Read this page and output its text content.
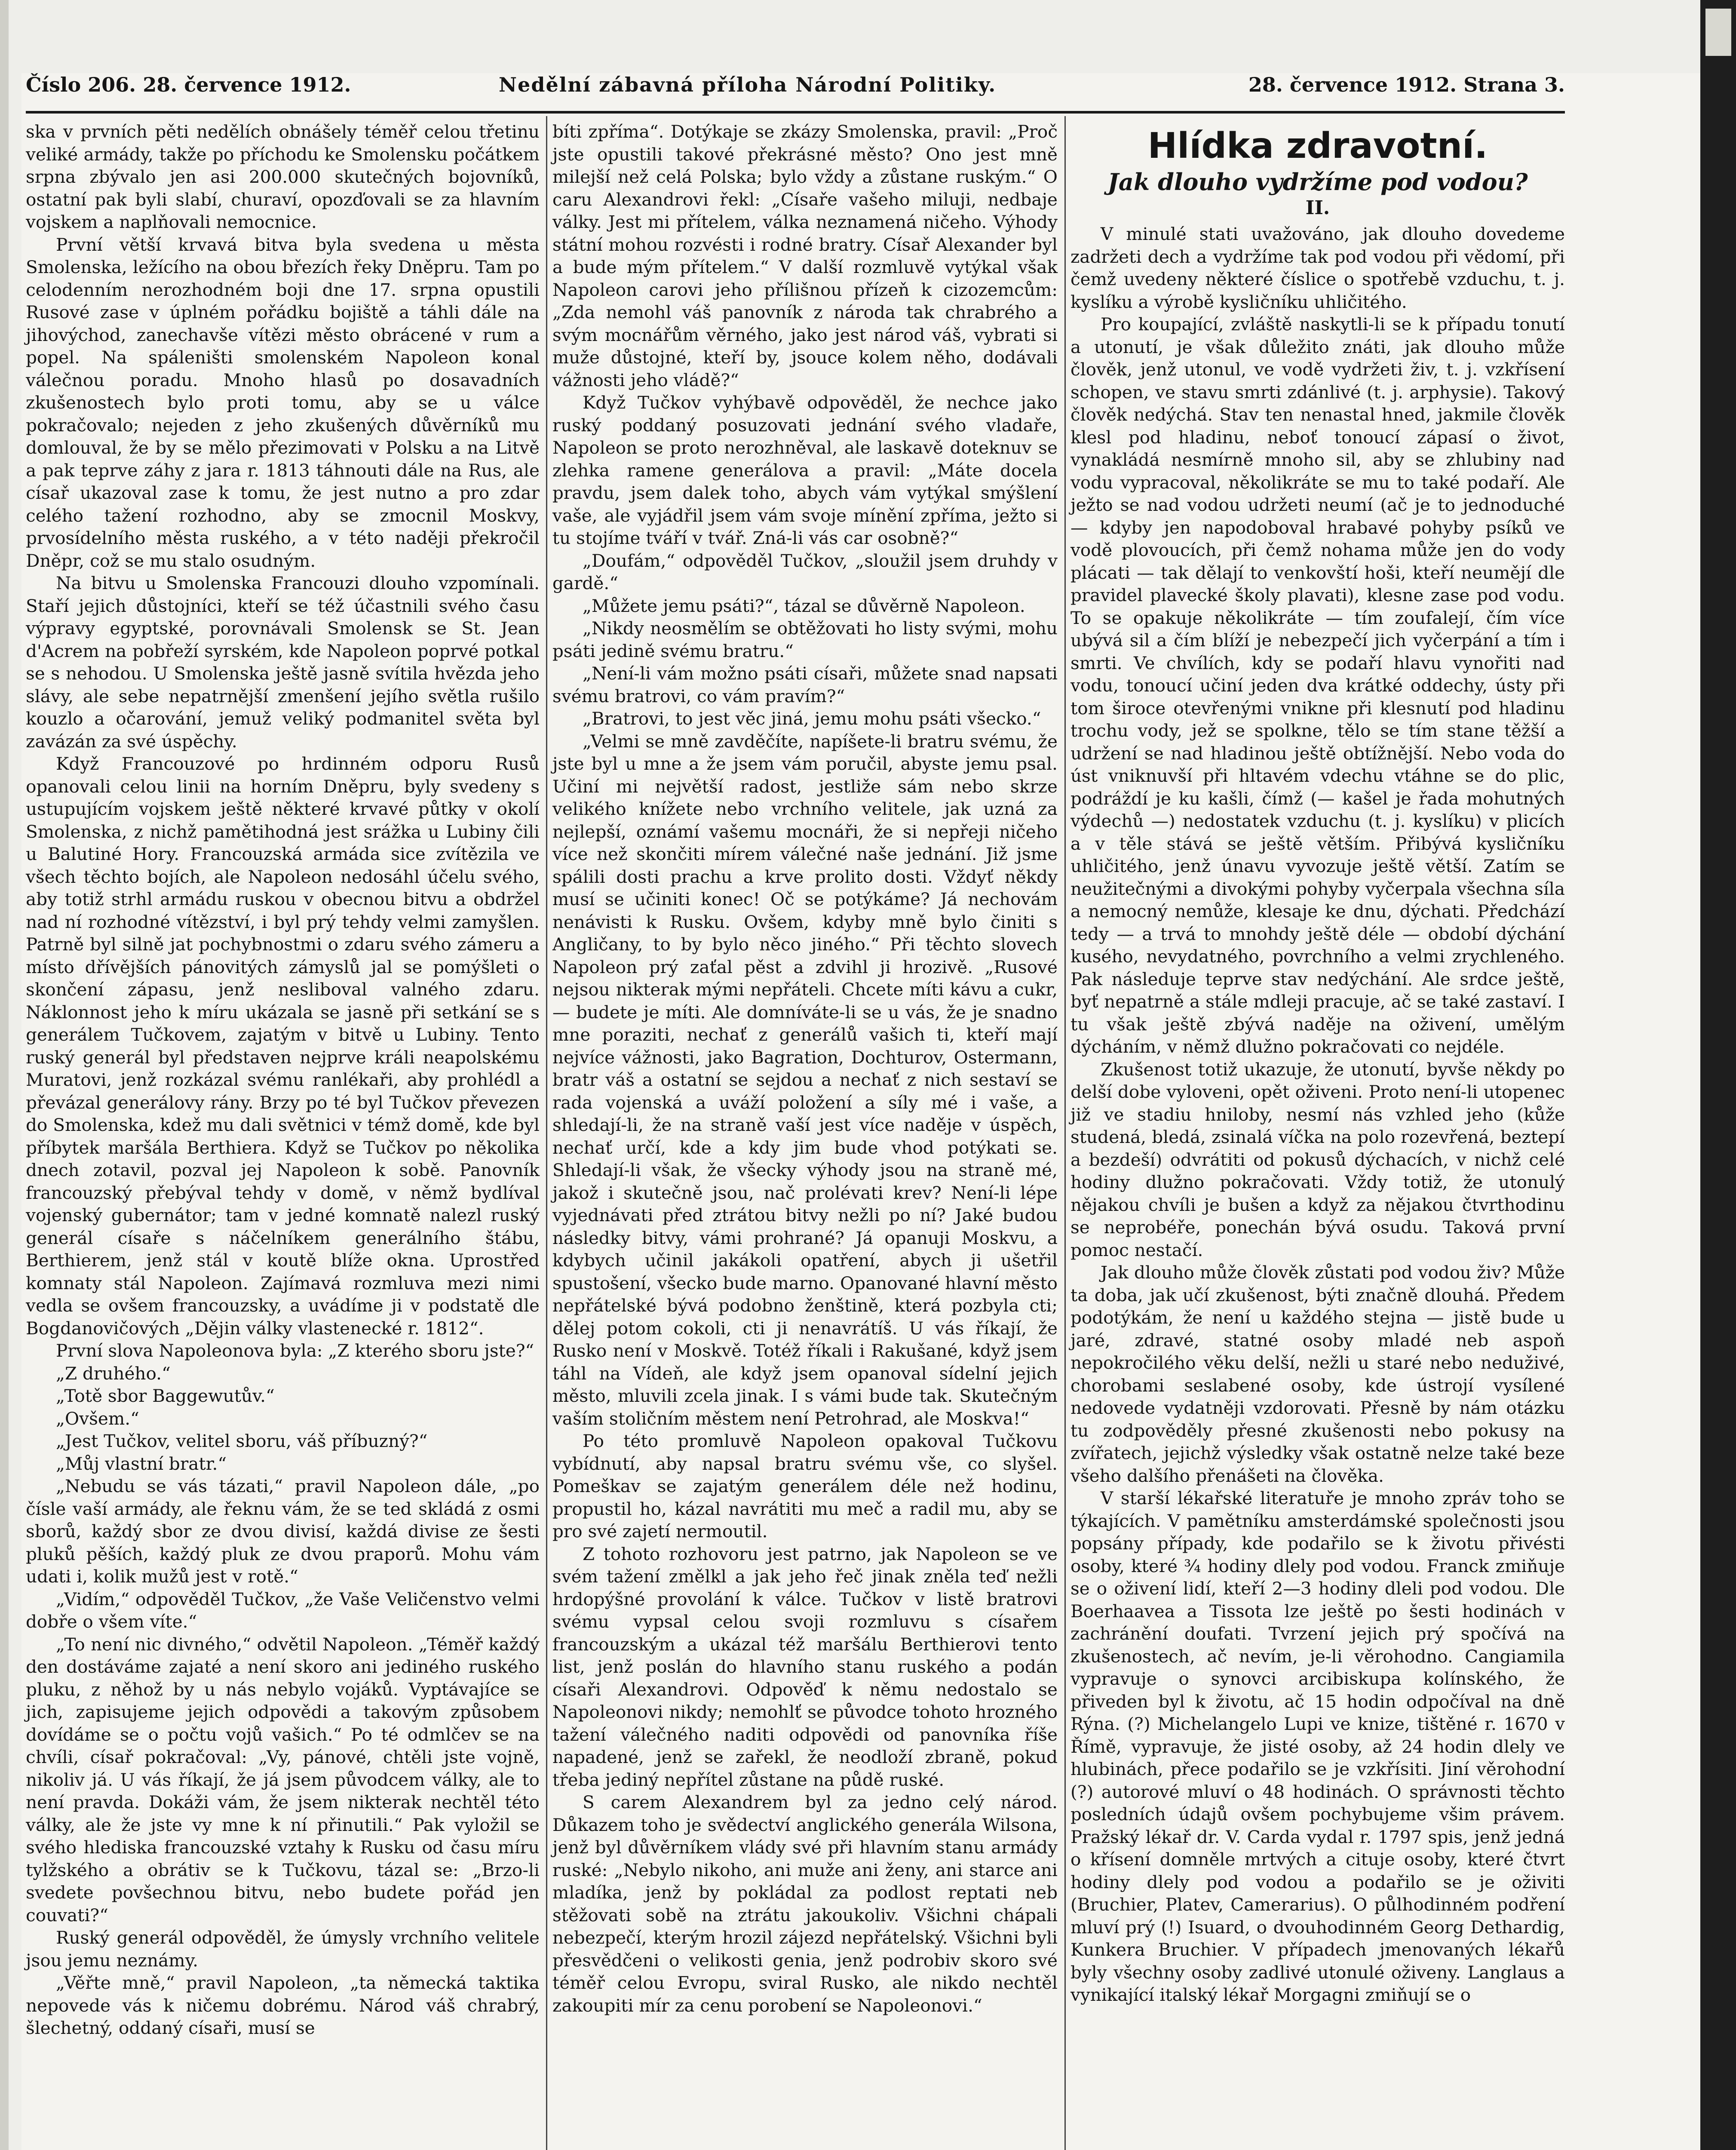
Číslo 206. 28. července 1912.	Nedělní zábavná příloha Národní Politiky.	28. července 1912. Strana 3.

ska v prvních pěti nedělích obnášely téměř celou třetinu veliké armády, takže po příchodu ke Smolensku počátkem srpna zbývalo jen asi 200.000 skutečných bojovníků, ostatní pak byli slabí, churaví, opozďovali se za hlavním vojskem a naplňovali nemocnice.

První větší krvavá bitva byla svedena u města Smolenska, ležícího na obou březích řeky Dněpru. Tam po celodenním nerozhodném boji dne 17. srpna opustili Rusové zase v úplném pořádku bojiště a táhli dále na jihovýchod, zanechavše vítězi město obrácené v rum a popel. Na spáleništi smolenském Napoleon konal válečnou poradu. Mnoho hlasů po dosavadních zkušenostech bylo proti tomu, aby se u válce pokračovalo; nejeden z jeho zkušených důvěrníků mu domlouval, že by se mělo přezimovati v Polsku a na Litvě a pak teprve záhy z jara r. 1813 táhnouti dále na Rus, ale císař ukazoval zase k tomu, že jest nutno a pro zdar celého tažení rozhodno, aby se zmocnil Moskvy, prvosídelního města ruského, a v této naději překročil Dněpr, což se mu stalo osudným.

Na bitvu u Smolenska Francouzi dlouho vzpomínali. Staří jejich důstojníci, kteří se též účastnili svého času výpravy egyptské, porovnávali Smolensk se St. Jean d'Acrem na pobřeží syrském, kde Napoleon poprvé potkal se s nehodou. U Smolenska ještě jasně svítila hvězda jeho slávy, ale sebe nepatrnější zmenšení jejího světla rušilo kouzlo a očarování, jemuž veliký podmanitel světa byl zavázán za své úspěchy.

Když Francouzové po hrdinném odporu Rusů opanovali celou linii na horním Dněpru, byly svedeny s ustupujícím vojskem ještě některé krvavé půtky v okolí Smolenska, z nichž pamětihodná jest srážka u Lubiny čili u Balutiné Hory. Francouzská armáda sice zvítězila ve všech těchto bojích, ale Napoleon nedosáhl účelu svého, aby totiž strhl armádu ruskou v obecnou bitvu a obdržel nad ní rozhodné vítězství, i byl prý tehdy velmi zamyšlen. Patrně byl silně jat pochybnostmi o zdaru svého zámeru a místo dřívějších pánovitých zámyslů jal se pomýšleti o skončení zápasu, jenž nesliboval valného zdaru. Náklonnost jeho k míru ukázala se jasně při setkání se s generálem Tučkovem, zajatým v bitvě u Lubiny. Tento ruský generál byl představen nejprve králi neapolskému Muratovi, jenž rozkázal svému ranlékaři, aby prohlédl a převázal generálovy rány. Brzy po té byl Tučkov převezen do Smolenska, kdež mu dali světnici v témž domě, kde byl příbytek maršála Berthiera. Když se Tučkov po několika dnech zotavil, pozval jej Napoleon k sobě. Panovník francouzský přebýval tehdy v domě, v němž bydlíval vojenský gubernátor; tam v jedné komnatě nalezl ruský generál císaře s náčelníkem generálního štábu, Berthierem, jenž stál v koutě blíže okna. Uprostřed komnaty stál Napoleon. Zajímavá rozmluva mezi nimi vedla se ovšem francouzsky, a uvádíme ji v podstatě dle Bogdanovičových „Dějin války vlastenecké r. 1812“.

První slova Napoleonova byla: „Z kterého sboru jste?“

„Z druhého.“

„Totě sbor Baggewutův.“

„Ovšem.“

„Jest Tučkov, velitel sboru, váš příbuzný?“

„Můj vlastní bratr.“

„Nebudu se vás tázati,“ pravil Napoleon dále, „po čísle vaší armády, ale řeknu vám, že se ted skládá z osmi sborů, každý sbor ze dvou divisí, každá divise ze šesti pluků pěších, každý pluk ze dvou praporů. Mohu vám udati i, kolik mužů jest v rotě.“

„Vidím,“ odpověděl Tučkov, „že Vaše Veličenstvo velmi dobře o všem víte.“

„To není nic divného,“ odvětil Napoleon. „Téměř každý den dostáváme zajaté a není skoro ani jediného ruského pluku, z něhož by u nás nebylo vojáků. Vyptávajíce se jich, zapisujeme jejich odpovědi a takovým způsobem dovídáme se o počtu vojů vašich.“ Po té odmlčev se na chvíli, císař pokračoval: „Vy, pánové, chtěli jste vojně, nikoliv já. U vás říkají, že já jsem původcem války, ale to není pravda. Dokáži vám, že jsem nikterak nechtěl této války, ale že jste vy mne k ní přinutili.“ Pak vyložil se svého hlediska francouzské vztahy k Rusku od času míru tylžského a obrátiv se k Tučkovu, tázal se: „Brzo-li svedete povšechnou bitvu, nebo budete pořád jen couvati?“

Ruský generál odpověděl, že úmysly vrchního velitele jsou jemu neznámy.

„Věřte mně,“ pravil Napoleon, „ta německá taktika nepovede vás k ničemu dobrému. Národ váš chrabrý, šlechetný, oddaný císaři, musí se

bíti zpříma“. Dotýkaje se zkázy Smolenska, pravil: „Proč jste opustili takové překrásné město? Ono jest mně milejší než celá Polska; bylo vždy a zůstane ruským.“ O caru Alexandrovi řekl: „Císaře vašeho miluji, nedbaje války. Jest mi přítelem, válka neznamená ničeho. Výhody státní mohou rozvésti i rodné bratry. Císař Alexander byl a bude mým přítelem.“ V další rozmluvě vytýkal však Napoleon carovi jeho přílišnou přízeň k cizozemcům: „Zda nemohl váš panovník z národa tak chrabrého a svým mocnářům věrného, jako jest národ váš, vybrati si muže důstojné, kteří by, jsouce kolem něho, dodávali vážnosti jeho vládě?“

Když Tučkov vyhýbavě odpověděl, že nechce jako ruský poddaný posuzovati jednání svého vladaře, Napoleon se proto nerozhněval, ale laskavě doteknuv se zlehka ramene generálova a pravil: „Máte docela pravdu, jsem dalek toho, abych vám vytýkal smýšlení vaše, ale vyjádřil jsem vám svoje mínění zpříma, ježto si tu stojíme tváří v tvář. Zná-li vás car osobně?“

„Doufám,“ odpověděl Tučkov, „sloužil jsem druhdy v gardě.“

„Můžete jemu psáti?“, tázal se důvěrně Napoleon.

„Nikdy neosmělím se obtěžovati ho listy svými, mohu psáti jedině svému bratru.“

„Není-li vám možno psáti císaři, můžete snad napsati svému bratrovi, co vám pravím?“

„Bratrovi, to jest věc jiná, jemu mohu psáti všecko.“

„Velmi se mně zavděčíte, napíšete-li bratru svému, že jste byl u mne a že jsem vám poručil, abyste jemu psal. Učiní mi největší radost, jestliže sám nebo skrze velikého knížete nebo vrchního velitele, jak uzná za nejlepší, oznámí vašemu mocnáři, že si nepřeji ničeho více než skončiti mírem válečné naše jednání. Již jsme spálili dosti prachu a krve prolito dosti. Vždyť někdy musí se učiniti konec! Oč se potýkáme? Já nechovám nenávisti k Rusku. Ovšem, kdyby mně bylo činiti s Angličany, to by bylo něco jiného.“ Při těchto slovech Napoleon prý zaťal pěst a zdvihl ji hrozivě. „Rusové nejsou nikterak mými nepřáteli. Chcete míti kávu a cukr, — budete je míti. Ale domníváte-li se u vás, že je snadno mne poraziti, nechať z generálů vašich ti, kteří mají nejvíce vážnosti, jako Bagration, Dochturov, Ostermann, bratr váš a ostatní se sejdou a nechať z nich sestaví se rada vojenská a uváží položení a síly mé i vaše, a shledají-li, že na straně vaší jest více naděje v úspěch, nechať určí, kde a kdy jim bude vhod potýkati se. Shledají-li však, že všecky výhody jsou na straně mé, jakož i skutečně jsou, nač prolévati krev? Není-li lépe vyjednávati před ztrátou bitvy nežli po ní? Jaké budou následky bitvy, vámi prohrané? Já opanuji Moskvu, a kdybych učinil jakákoli opatření, abych ji ušetřil spustošení, všecko bude marno. Opanované hlavní město nepřátelské bývá podobno ženštině, která pozbyla cti; dělej potom cokoli, cti ji nenavrátíš. U vás říkají, že Rusko není v Moskvě. Totéž říkali i Rakušané, když jsem táhl na Vídeň, ale když jsem opanoval sídelní jejich město, mluvili zcela jinak. I s vámi bude tak. Skutečným vaším stoličním městem není Petrohrad, ale Moskva!“

Po této promluvě Napoleon opakoval Tučkovu vybídnutí, aby napsal bratru svému vše, co slyšel. Pomeškav se zajatým generálem déle než hodinu, propustil ho, kázal navrátiti mu meč a radil mu, aby se pro své zajetí nermoutil.

Z tohoto rozhovoru jest patrno, jak Napoleon se ve svém tažení změlkl a jak jeho řeč jinak zněla teď nežli hrdopýšné provolání k válce. Tučkov v listě bratrovi svému vypsal celou svoji rozmluvu s císařem francouzským a ukázal též maršálu Berthierovi tento list, jenž poslán do hlavního stanu ruského a podán císaři Alexandrovi. Odpověď k němu nedostalo se Napoleonovi nikdy; nemohlť se původce tohoto hrozného tažení válečného naditi odpovědi od panovníka říše napadené, jenž se zařekl, že neodloží zbraně, pokud třeba jediný nepřítel zůstane na půdě ruské.

S carem Alexandrem byl za jedno celý národ. Důkazem toho je svědectví anglického generála Wilsona, jenž byl důvěrníkem vlády své při hlavním stanu armády ruské: „Nebylo nikoho, ani muže ani ženy, ani starce ani mladíka, jenž by pokládal za podlost reptati neb stěžovati sobě na ztrátu jakoukoliv. Všichni chápali nebezpečí, kterým hrozil zájezd nepřátelský. Všichni byli přesvědčeni o velikosti genia, jenž podrobiv skoro své téměř celou Evropu, sviral Rusko, ale nikdo nechtěl zakoupiti mír za cenu porobení se Napoleonovi.“

Hlídka zdravotní.
Jak dlouho vydržíme pod vodou?
II.

V minulé stati uvažováno, jak dlouho dovedeme zadržeti dech a vydržíme tak pod vodou při vědomí, při čemž uvedeny některé číslice o spotřebě vzduchu, t. j. kyslíku a výrobě kysličníku uhličitého.

Pro koupající, zvláště naskytli-li se k případu tonutí a utonutí, je však důležito znáti, jak dlouho může člověk, jenž utonul, ve vodě vydržeti živ, t. j. vzkřísení schopen, ve stavu smrti zdánlivé (t. j. arphysie). Takový člověk nedýchá. Stav ten nenastal hned, jakmile člověk klesl pod hladinu, neboť tonoucí zápasí o život, vynakládá nesmírně mnoho sil, aby se zhlubiny nad vodu vypracoval, několikráte se mu to také podaří. Ale ježto se nad vodou udržeti neumí (ač je to jednoduché — kdyby jen napodoboval hrabavé pohyby psíků ve vodě plovoucích, při čemž nohama může jen do vody plácati — tak dělají to venkovští hoši, kteří neumějí dle pravidel plavecké školy plavati), klesne zase pod vodu. To se opakuje několikráte — tím zoufalejí, čím více ubývá sil a čím blíží je nebezpečí jich vyčerpání a tím i smrti. Ve chvílích, kdy se podaří hlavu vynořiti nad vodu, tonoucí učiní jeden dva krátké oddechy, ústy při tom široce otevřenými vnikne při klesnutí pod hladinu trochu vody, jež se spolkne, tělo se tím stane těžší a udržení se nad hladinou ještě obtížnější. Nebo voda do úst vniknuvší při hltavém vdechu vtáhne se do plic, podráždí je ku kašli, čímž (— kašel je řada mohutných výdechů —) nedostatek vzduchu (t. j. kyslíku) v plicích a v těle stává se ještě větším. Přibývá kysličníku uhličitého, jenž únavu vyvozuje ještě větší. Zatím se neužitečnými a divokými pohyby vyčerpala všechna síla a nemocný nemůže, klesaje ke dnu, dýchati. Předchází tedy — a trvá to mnohdy ještě déle — období dýchání kusého, nevydatného, povrchního a velmi zrychleného. Pak následuje teprve stav nedýchání. Ale srdce ještě, byť nepatrně a stále mdleji pracuje, ač se také zastaví. I tu však ještě zbývá naděje na oživení, umělým dýcháním, v němž dlužno pokračovati co nejdéle.

Zkušenost totiž ukazuje, že utonutí, byvše někdy po delší dobe vyloveni, opět oživeni. Proto není-li utopenec již ve stadiu hniloby, nesmí nás vzhled jeho (kůže studená, bledá, zsinalá víčka na polo rozevřená, beztepí a bezdeší) odvrátiti od pokusů dýchacích, v nichž celé hodiny dlužno pokračovati. Vždy totiž, že utonulý nějakou chvíli je bušen a když za nějakou čtvrthodinu se neprobéře, ponechán bývá osudu. Taková první pomoc nestačí.

Jak dlouho může člověk zůstati pod vodou živ? Může ta doba, jak učí zkušenost, býti značně dlouhá. Předem podotýkám, že není u každého stejna — jistě bude u jaré, zdravé, statné osoby mladé neb aspoň nepokročilého věku delší, nežli u staré nebo neduživé, chorobami seslabené osoby, kde ústrojí vysílené nedovede vydatněji vzdorovati. Přesně by nám otázku tu zodpověděly přesné zkušenosti nebo pokusy na zvířatech, jejichž výsledky však ostatně nelze také beze všeho dalšího přenášeti na člověka.

V starší lékařské literatuře je mnoho zpráv toho se týkajících. V pamětníku amsterdámské společnosti jsou popsány případy, kde podařilo se k životu přivésti osoby, které ¾ hodiny dlely pod vodou. Franck zmiňuje se o oživení lidí, kteří 2—3 hodiny dleli pod vodou. Dle Boerhaavea a Tissota lze ještě po šesti hodinách v zachránění doufati. Tvrzení jejich prý spočívá na zkušenostech, ač nevím, je-li věrohodno. Cangiamila vypravuje o synovci arcibiskupa kolínského, že přiveden byl k životu, ač 15 hodin odpočíval na dně Rýna. (?) Michelangelo Lupi ve knize, tištěné r. 1670 v Římě, vypravuje, že jisté osoby, až 24 hodin dlely ve hlubinách, přece podařilo se je vzkřísiti. Jiní věrohodní (?) autorové mluví o 48 hodinách. O správnosti těchto posledních údajů ovšem pochybujeme všim právem. Pražský lékař dr. V. Carda vydal r. 1797 spis, jenž jedná o křísení domněle mrtvých a cituje osoby, které čtvrt hodiny dlely pod vodou a podařilo se je oživiti (Bruchier, Platev, Camerarius). O půlhodinném podření mluví prý (!) Isuard, o dvouhodinném Georg Dethardig, Kunkera Bruchier. V případech jmenovaných lékařů byly všechny osoby zadlivé utonulé oživeny. Langlaus a vynikající italský lékař Morgagni zmiňují se o
